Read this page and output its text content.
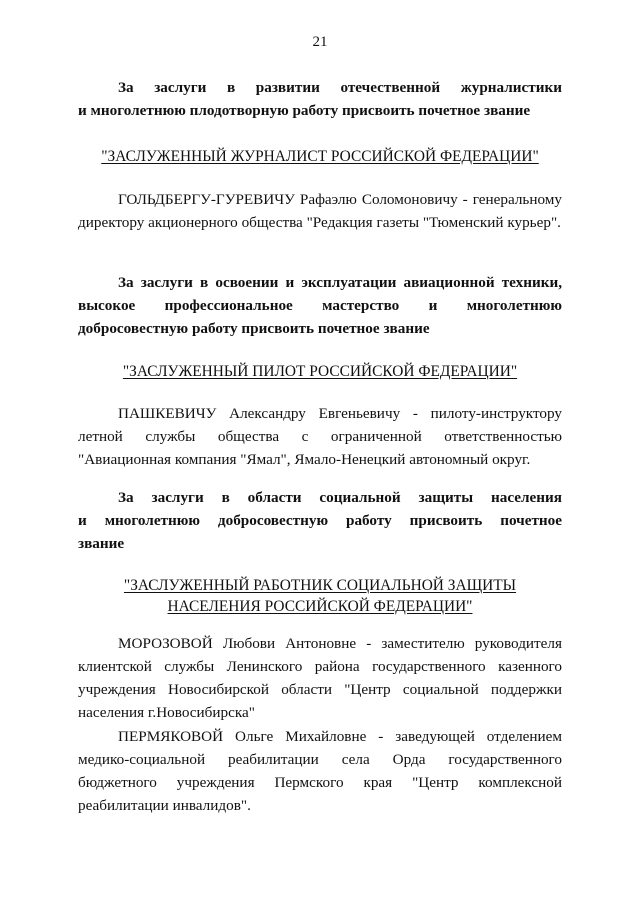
21
За заслуги в развитии отечественной журналистики
и многолетнюю плодотворную работу присвоить почетное звание
"ЗАСЛУЖЕННЫЙ ЖУРНАЛИСТ РОССИЙСКОЙ ФЕДЕРАЦИИ"
ГОЛЬДБЕРГУ-ГУРЕВИЧУ Рафаэлю Соломоновичу - генеральному директору акционерного общества "Редакция газеты "Тюменский курьер".
За заслуги в освоении и эксплуатации авиационной техники,
высокое профессиональное мастерство и многолетнюю
добросовестную работу присвоить почетное звание
"ЗАСЛУЖЕННЫЙ ПИЛОТ РОССИЙСКОЙ ФЕДЕРАЦИИ"
ПАШКЕВИЧУ Александру Евгеньевичу - пилоту-инструктору летной службы общества с ограниченной ответственностью "Авиационная компания "Ямал", Ямало-Ненецкий автономный округ.
За заслуги в области социальной защиты населения
и многолетнюю добросовестную работу присвоить почетное
звание
"ЗАСЛУЖЕННЫЙ РАБОТНИК СОЦИАЛЬНОЙ ЗАЩИТЫ
НАСЕЛЕНИЯ РОССИЙСКОЙ ФЕДЕРАЦИИ"
МОРОЗОВОЙ Любови Антоновне - заместителю руководителя клиентской службы Ленинского района государственного казенного учреждения Новосибирской области "Центр социальной поддержки населения г.Новосибирска"
ПЕРМЯКОВОЙ Ольге Михайловне - заведующей отделением медико-социальной реабилитации села Орда государственного бюджетного учреждения Пермского края "Центр комплексной реабилитации инвалидов".
